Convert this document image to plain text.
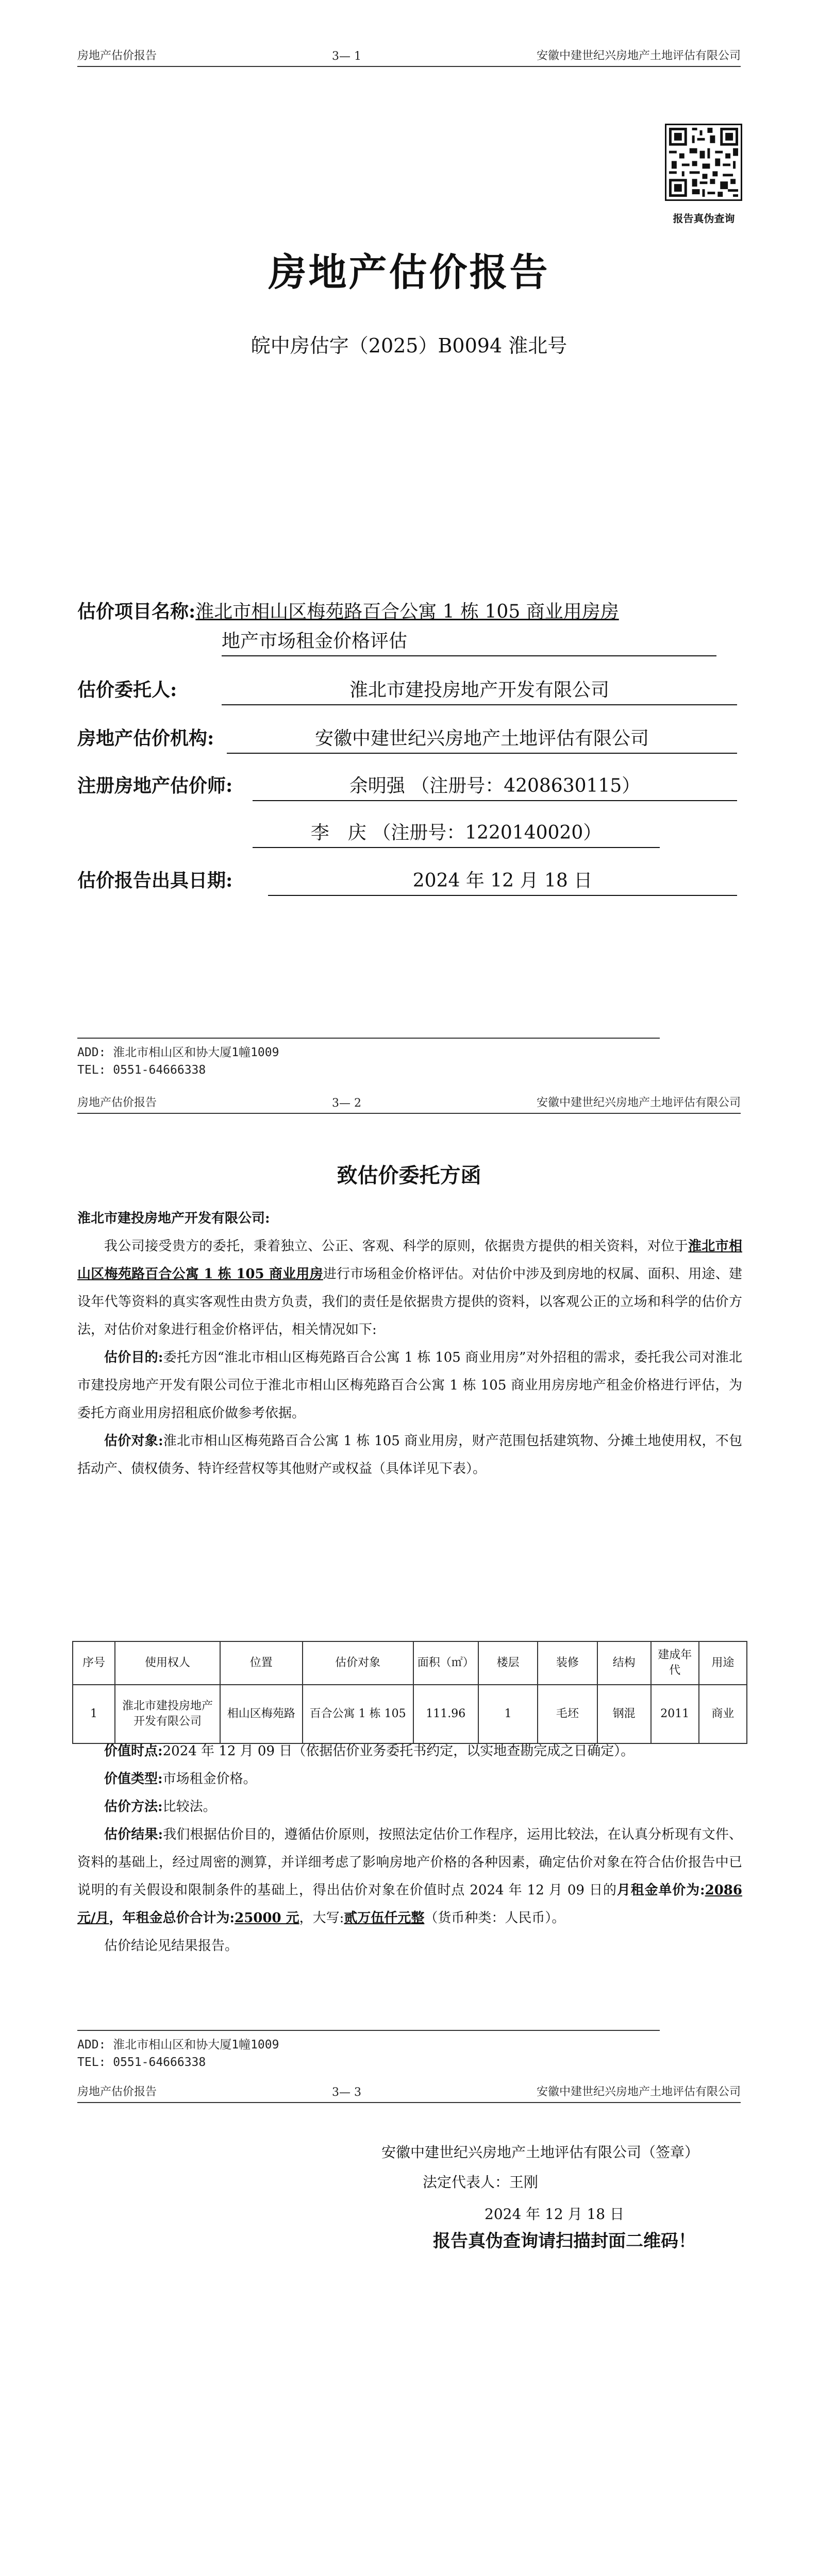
房地产估价报告	3— 1	安徽中建世纪兴房地产土地评估有限公司
报告真伪查询
房地产估价报告
皖中房估字（2025）B0094 淮北号
估价项目名称:淮北市相山区梅苑路百合公寓 1 栋 105 商业用房房
地产市场租金价格评估
估价委托人:	淮北市建投房地产开发有限公司
房地产估价机构:	安徽中建世纪兴房地产土地评估有限公司
注册房地产估价师:	余明强 （注册号：4208630115）
李　庆 （注册号：1220140020）
估价报告出具日期:	2024 年 12 月 18 日
ADD: 淮北市相山区和协大厦1幢1009
TEL: 0551-64666338
房地产估价报告	3— 2	安徽中建世纪兴房地产土地评估有限公司
致估价委托方函

淮北市建投房地产开发有限公司:

我公司接受贵方的委托，秉着独立、公正、客观、科学的原则，依据贵方提供的相关资料，对位于淮北市相山区梅苑路百合公寓 1 栋 105 商业用房进行市场租金价格评估。对估价中涉及到房地的权属、面积、用途、建设年代等资料的真实客观性由贵方负责，我们的责任是依据贵方提供的资料，以客观公正的立场和科学的估价方法，对估价对象进行租金价格评估，相关情况如下:

估价目的:委托方因“淮北市相山区梅苑路百合公寓 1 栋 105 商业用房”对外招租的需求，委托我公司对淮北市建投房地产开发有限公司位于淮北市相山区梅苑路百合公寓 1 栋 105 商业用房房地产租金价格进行评估，为委托方商业用房招租底价做参考依据。

估价对象:淮北市相山区梅苑路百合公寓 1 栋 105 商业用房，财产范围包括建筑物、分摊土地使用权，不包括动产、债权债务、特许经营权等其他财产或权益（具体详见下表）。

序号	使用权人	位置	估价对象	面积（㎡）	楼层	装修	结构	建成年代	用途
1	淮北市建投房地产开发有限公司	相山区梅苑路	百合公寓 1 栋 105	111.96	1	毛坯	钢混	2011	商业

价值时点:2024 年 12 月 09 日（依据估价业务委托书约定，以实地查勘完成之日确定）。

价值类型:市场租金价格。

估价方法:比较法。

估价结果:我们根据估价目的，遵循估价原则，按照法定估价工作程序，运用比较法，在认真分析现有文件、资料的基础上，经过周密的测算，并详细考虑了影响房地产价格的各种因素，确定估价对象在符合估价报告中已说明的有关假设和限制条件的基础上，得出估价对象在价值时点 2024 年 12 月 09 日的月租金单价为:2086 元/月，年租金总价合计为:25000 元，大写:贰万伍仟元整（货币种类：人民币）。

估价结论见结果报告。

ADD: 淮北市相山区和协大厦1幢1009
TEL: 0551-64666338
房地产估价报告	3— 3	安徽中建世纪兴房地产土地评估有限公司
安徽中建世纪兴房地产土地评估有限公司（签章）
法定代表人：王刚
2024 年 12 月 18 日
报告真伪查询请扫描封面二维码！
